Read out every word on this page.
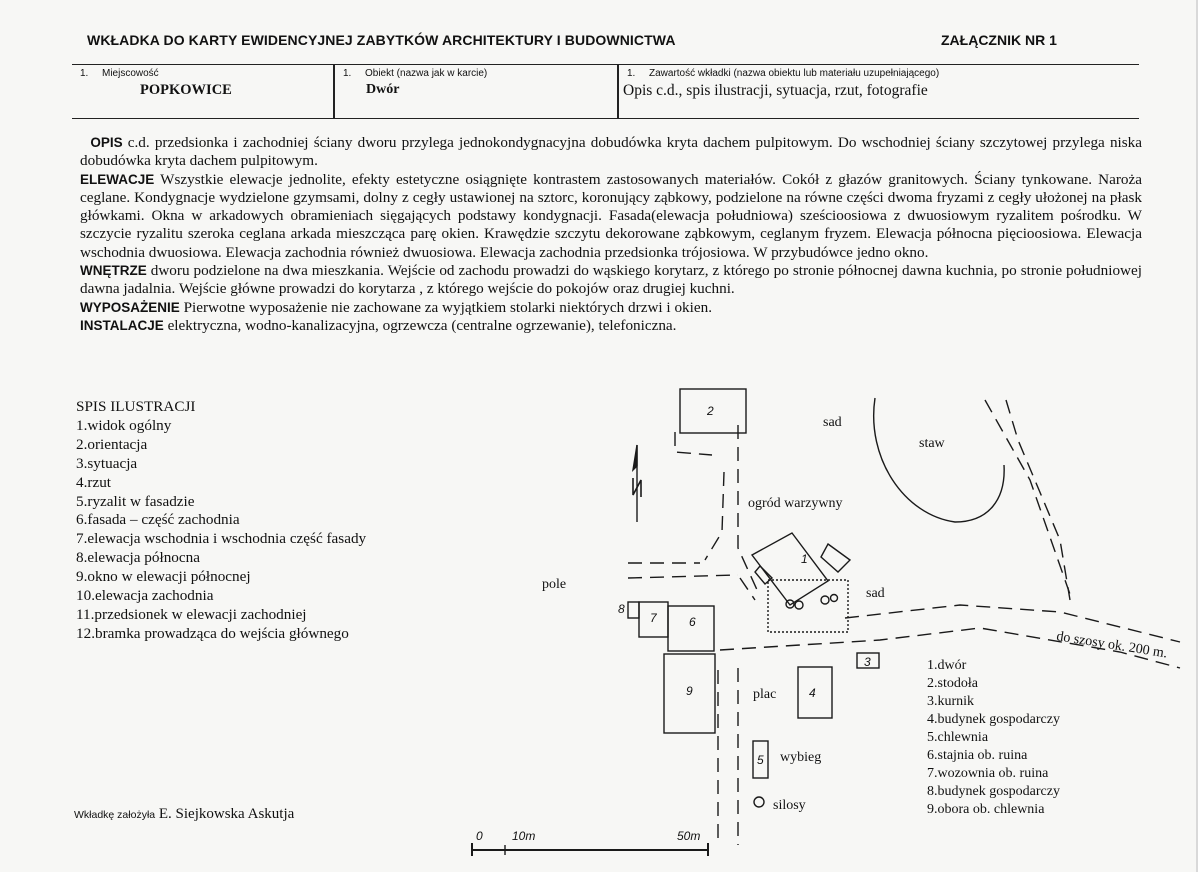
WKŁADKA DO KARTY EWIDENCYJNEJ ZABYTKÓW ARCHITEKTURY I BUDOWNICTWA	ZAŁĄCZNIK NR 1
1. Miejscowość
POPKOWICE
1. Obiekt (nazwa jak w karcie)
Dwór
1. Zawartość wkładki (nazwa obiektu lub materiału uzupełniającego)
Opis c.d., spis ilustracji, sytuacja, rzut, fotografie

OPIS c.d. przedsionka i zachodniej ściany dworu przylega jednokondygnacyjna dobudówka kryta dachem pulpitowym. Do wschodniej ściany szczytowej przylega niska dobudówka kryta dachem pulpitowym.

ELEWACJE Wszystkie elewacje jednolite, efekty estetyczne osiągnięte kontrastem zastosowanych materiałów. Cokół z głazów granitowych. Ściany tynkowane. Naroża ceglane. Kondygnacje wydzielone gzymsami, dolny z cegły ustawionej na sztorc, koronujący ząbkowy, podzielone na równe części dwoma fryzami z cegły ułożonej na płask główkami. Okna w arkadowych obramieniach sięgających podstawy kondygnacji. Fasada(elewacja południowa) sześcioosiowa z dwuosiowym ryzalitem pośrodku. W szczycie ryzalitu szeroka ceglana arkada mieszcząca parę okien. Krawędzie szczytu dekorowane ząbkowym, ceglanym fryzem. Elewacja północna pięcioosiowa. Elewacja wschodnia dwuosiowa. Elewacja zachodnia również dwuosiowa. Elewacja zachodnia przedsionka trójosiowa. W przybudówce jedno okno.

WNĘTRZE dworu podzielone na dwa mieszkania. Wejście od zachodu prowadzi do wąskiego korytarz, z którego po stronie północnej dawna kuchnia, po stronie południowej dawna jadalnia. Wejście główne prowadzi do korytarza , z którego wejście do pokojów oraz drugiej kuchni.

WYPOSAŻENIE Pierwotne wyposażenie nie zachowane za wyjątkiem stolarki niektórych drzwi i okien.

INSTALACJE elektryczna, wodno-kanalizacyjna, ogrzewcza (centralne ogrzewanie), telefoniczna.

SPIS ILUSTRACJI
1.widok ogólny
2.orientacja
3.sytuacja
4.rzut
5.ryzalit w fasadzie
6.fasada – część zachodnia
7.elewacja wschodnia i wschodnia część fasady
8.elewacja północna
9.okno w elewacji północnej
10.elewacja zachodnia
11.przedsionek w elewacji zachodniej
12.bramka prowadząca do wejścia głównego
Wkładkę założyła E. Siejkowska Askutja
sad
staw
ogród warzywny
pole
sad
do szosy ok. 200 m.
plac
wybieg
silosy
1
2
3
4
5
6
7
8
9
0 10m	50m
1.dwór
2.stodoła
3.kurnik
4.budynek gospodarczy
5.chlewnia
6.stajnia ob. ruina
7.wozownia ob. ruina
8.budynek gospodarczy
9.obora ob. chlewnia
